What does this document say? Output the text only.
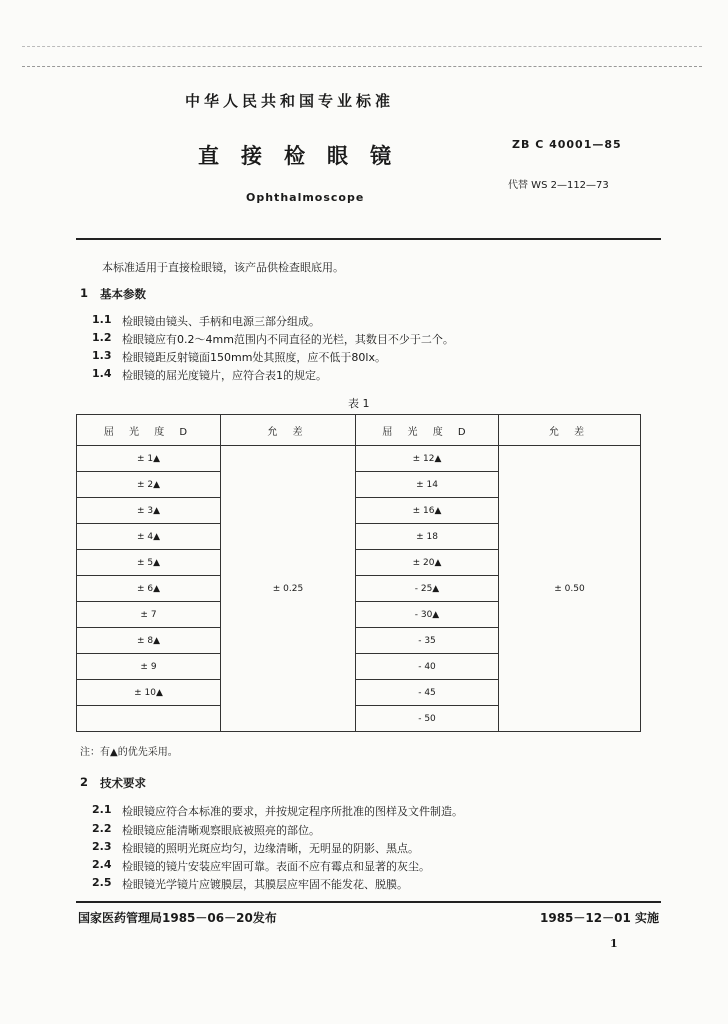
中华人民共和国专业标准
直接检眼镜	ZB C 40001—85
代替 WS 2—112—73
Ophthalmoscope
本标准适用于直接检眼镜，该产品供检查眼底用。
1 基本参数
1.1 检眼镜由镜头、手柄和电源三部分组成。
1.2 检眼镜应有0.2～4mm范围内不同直径的光栏，其数目不少于二个。
1.3 检眼镜距反射镜面150mm处其照度，应不低于80lx。
1.4 检眼镜的屈光度镜片，应符合表1的规定。
表 1
屈 光 度 D	允 差	屈 光 度 D	允 差
± 1▲	± 0.25	± 12▲	± 0.50
± 2▲		± 14	
± 3▲		± 16▲	
± 4▲		± 18	
± 5▲		± 20▲	
± 6▲		- 25▲	
± 7		- 30▲	
± 8▲		- 35	
± 9		- 40	
± 10▲		- 45	
		- 50	
注：有▲的优先采用。
2 技术要求
2.1 检眼镜应符合本标准的要求，并按规定程序所批准的图样及文件制造。
2.2 检眼镜应能清晰观察眼底被照亮的部位。
2.3 检眼镜的照明光斑应均匀，边缘清晰，无明显的阴影、黑点。
2.4 检眼镜的镜片安装应牢固可靠。表面不应有霉点和显著的灰尘。
2.5 检眼镜光学镜片应镀膜层，其膜层应牢固不能发花、脱膜。
国家医药管理局1985－06－20发布	1985－12－01 实施
1
